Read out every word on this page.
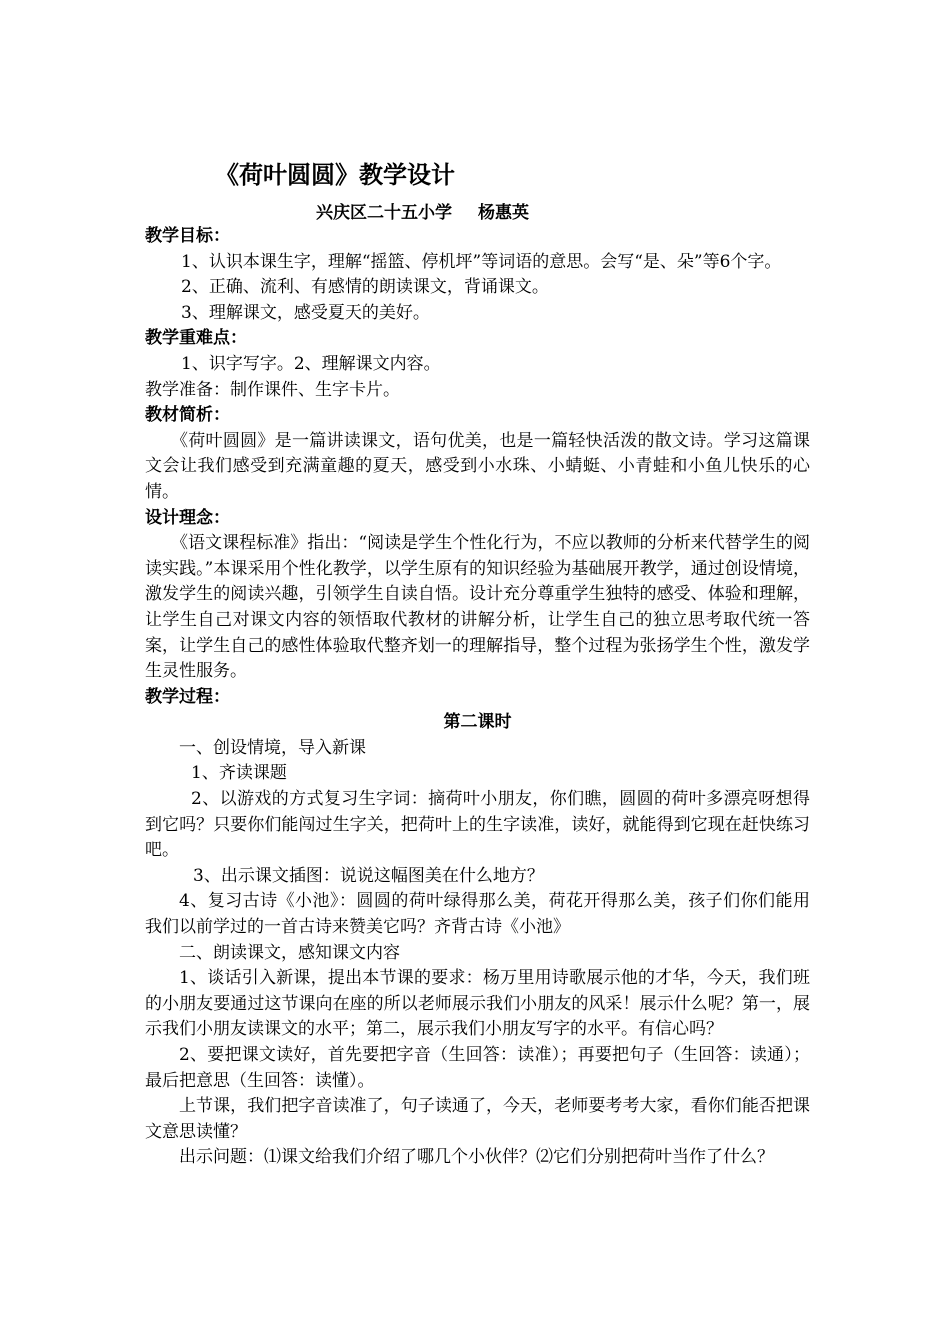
《荷叶圆圆》教学设计
兴庆区二十五小学 杨惠英

教学目标：

1、认识本课生字，理解“摇篮、停机坪”等词语的意思。会写“是、朵”等6个字。

2、正确、流利、有感情的朗读课文，背诵课文。

3、理解课文，感受夏天的美好。

教学重难点：

1、识字写字。2、理解课文内容。

教学准备：制作课件、生字卡片。

教材简析：

《荷叶圆圆》是一篇讲读课文，语句优美，也是一篇轻快活泼的散文诗。学习这篇课文会让我们感受到充满童趣的夏天，感受到小水珠、小蜻蜓、小青蛙和小鱼儿快乐的心情。

设计理念：

《语文课程标准》指出：“阅读是学生个性化行为，不应以教师的分析来代替学生的阅读实践。”本课采用个性化教学，以学生原有的知识经验为基础展开教学，通过创设情境，激发学生的阅读兴趣，引领学生自读自悟。设计充分尊重学生独特的感受、体验和理解，让学生自己对课文内容的领悟取代教材的讲解分析，让学生自己的独立思考取代统一答案，让学生自己的感性体验取代整齐划一的理解指导，整个过程为张扬学生个性，激发学生灵性服务。

教学过程：

第二课时

一、创设情境，导入新课

1、齐读课题

2、以游戏的方式复习生字词：摘荷叶小朋友，你们瞧，圆圆的荷叶多漂亮呀想得到它吗？只要你们能闯过生字关，把荷叶上的生字读准，读好，就能得到它现在赶快练习吧。

3、出示课文插图：说说这幅图美在什么地方？

4、复习古诗《小池》：圆圆的荷叶绿得那么美，荷花开得那么美，孩子们你们能用我们以前学过的一首古诗来赞美它吗？齐背古诗《小池》

二、朗读课文，感知课文内容

1、谈话引入新课，提出本节课的要求：杨万里用诗歌展示他的才华，今天，我们班的小朋友要通过这节课向在座的所以老师展示我们小朋友的风采！展示什么呢？第一，展示我们小朋友读课文的水平；第二，展示我们小朋友写字的水平。有信心吗？

2、要把课文读好，首先要把字音（生回答：读准）；再要把句子（生回答：读通）；最后把意思（生回答：读懂）。

上节课，我们把字音读准了，句子读通了，今天，老师要考考大家，看你们能否把课文意思读懂？

出示问题：⑴课文给我们介绍了哪几个小伙伴？⑵它们分别把荷叶当作了什么？
